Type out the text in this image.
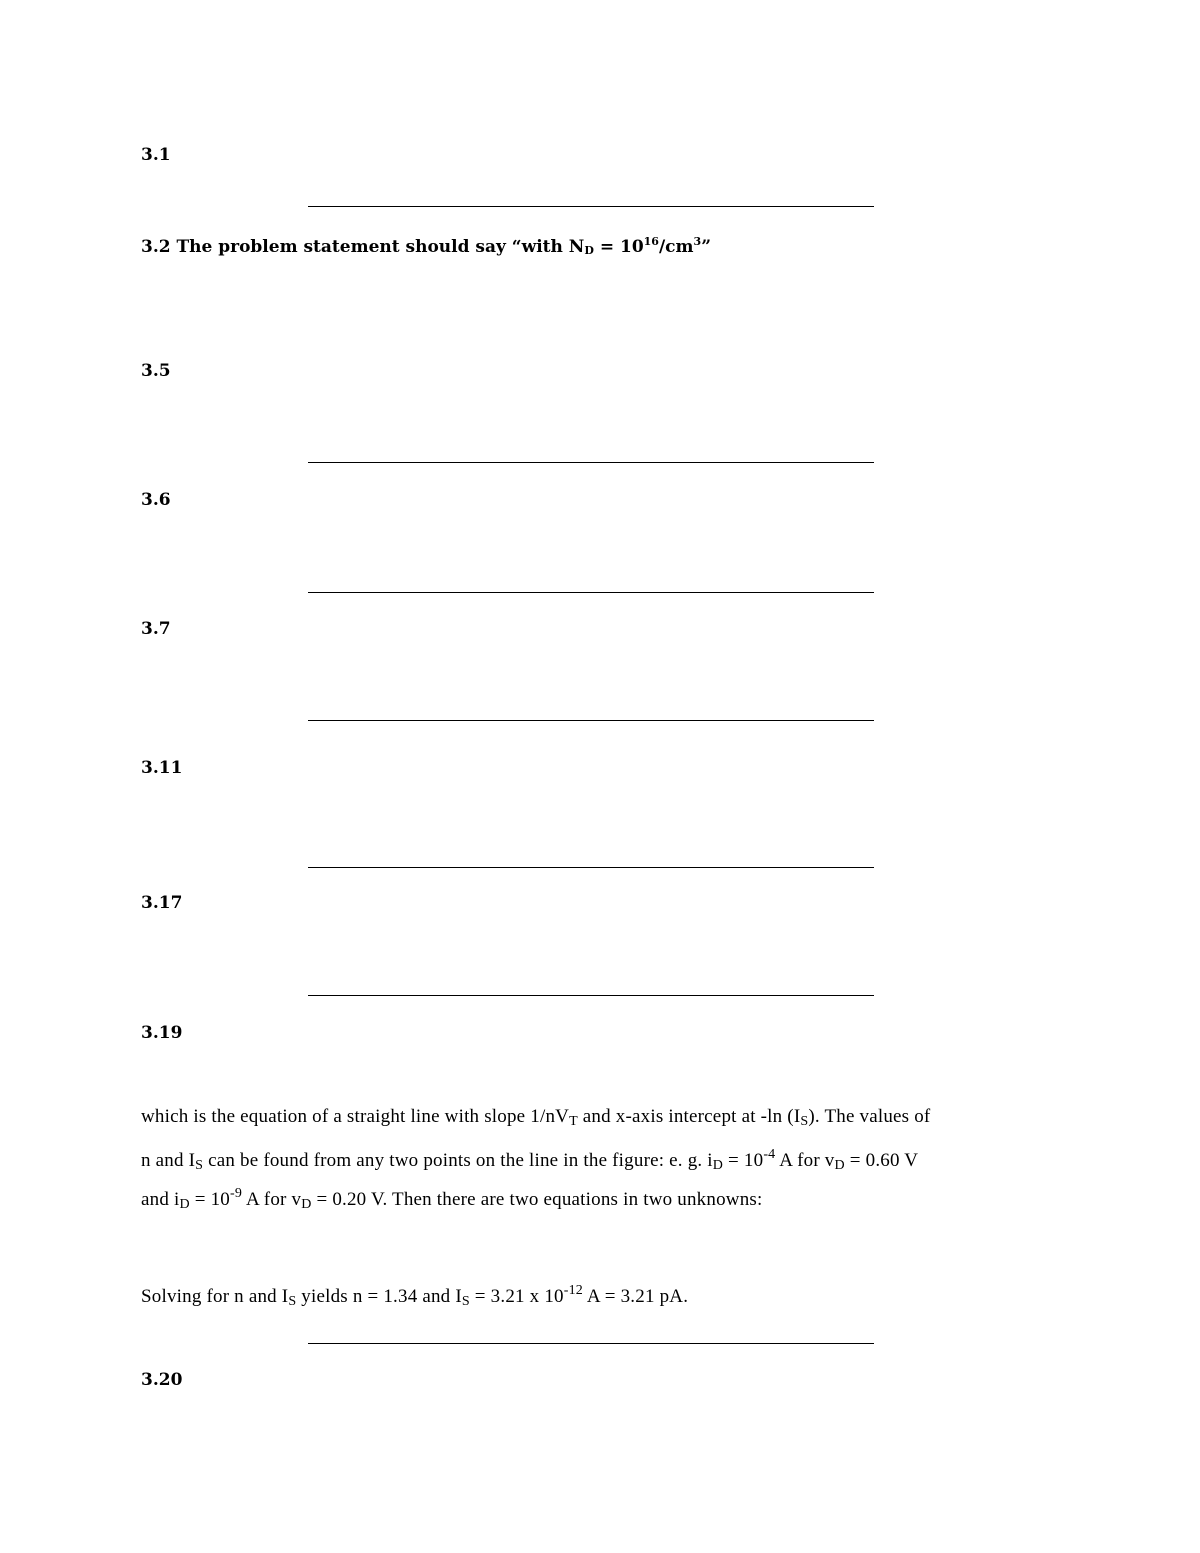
3.1
3.2 The problem statement should say “with ND = $10^{16}/cm^3$”
3.5
3.6
3.7
3.11
3.17
3.19
which is the equation of a straight line with slope $1/nV_T$ and x-axis intercept at -ln $(I_S)$. The values of
n and $I_S$ can be found from any two points on the line in the figure: e. g. $i_D = 10^{-4}$ A for $v_D = 0.60$ V
and $i_D = 10^{-9}$ A for $v_D = 0.20$ V. Then there are two equations in two unknowns:
Solving for n and $I_S$ yields n = 1.34 and $I_S = 3.21$ x $10^{-12}$ A = 3.21 pA.
3.20
